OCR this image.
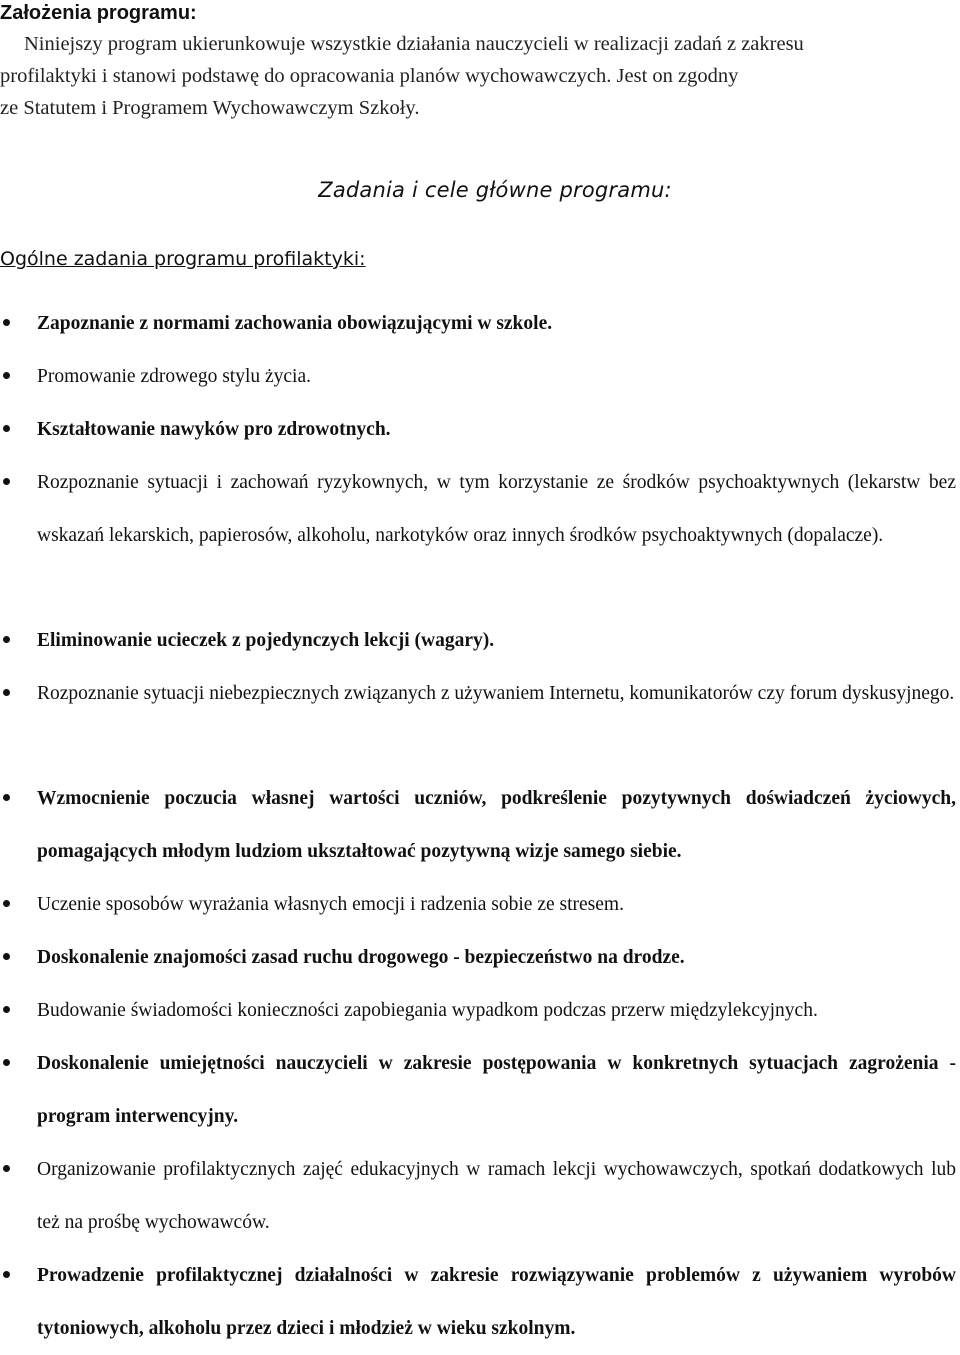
Założenia programu:
Niniejszy program ukierunkowuje wszystkie działania nauczycieli w realizacji zadań z zakresu
profilaktyki i stanowi podstawę do opracowania planów wychowawczych. Jest on zgodny
ze Statutem i Programem Wychowawczym Szkoły.
Zadania i cele główne programu:
Ogólne zadania programu profilaktyki:
Zapoznanie z normami zachowania obowiązującymi w szkole.
Promowanie zdrowego stylu życia.
Kształtowanie nawyków pro zdrowotnych.
Rozpoznanie sytuacji i zachowań ryzykownych, w tym korzystanie ze środków psychoaktywnych (lekarstw bez wskazań lekarskich, papierosów, alkoholu, narkotyków oraz innych środków psychoaktywnych (dopalacze).
Eliminowanie ucieczek z pojedynczych lekcji (wagary).
Rozpoznanie sytuacji niebezpiecznych związanych z używaniem Internetu, komunikatorów czy forum dyskusyjnego.
Wzmocnienie poczucia własnej wartości uczniów, podkreślenie pozytywnych doświadczeń życiowych, pomagających młodym ludziom ukształtować pozytywną wizje samego siebie.
Uczenie sposobów wyrażania własnych emocji i radzenia sobie ze stresem.
Doskonalenie znajomości zasad ruchu drogowego - bezpieczeństwo na drodze.
Budowanie świadomości konieczności zapobiegania wypadkom podczas przerw międzylekcyjnych.
Doskonalenie umiejętności nauczycieli w zakresie postępowania w konkretnych sytuacjach zagrożenia - program interwencyjny.
Organizowanie profilaktycznych zajęć edukacyjnych w ramach lekcji wychowawczych, spotkań dodatkowych lub też na prośbę wychowawców.
Prowadzenie profilaktycznej działalności w zakresie rozwiązywanie problemów z używaniem wyrobów tytoniowych, alkoholu przez dzieci i młodzież w wieku szkolnym.
